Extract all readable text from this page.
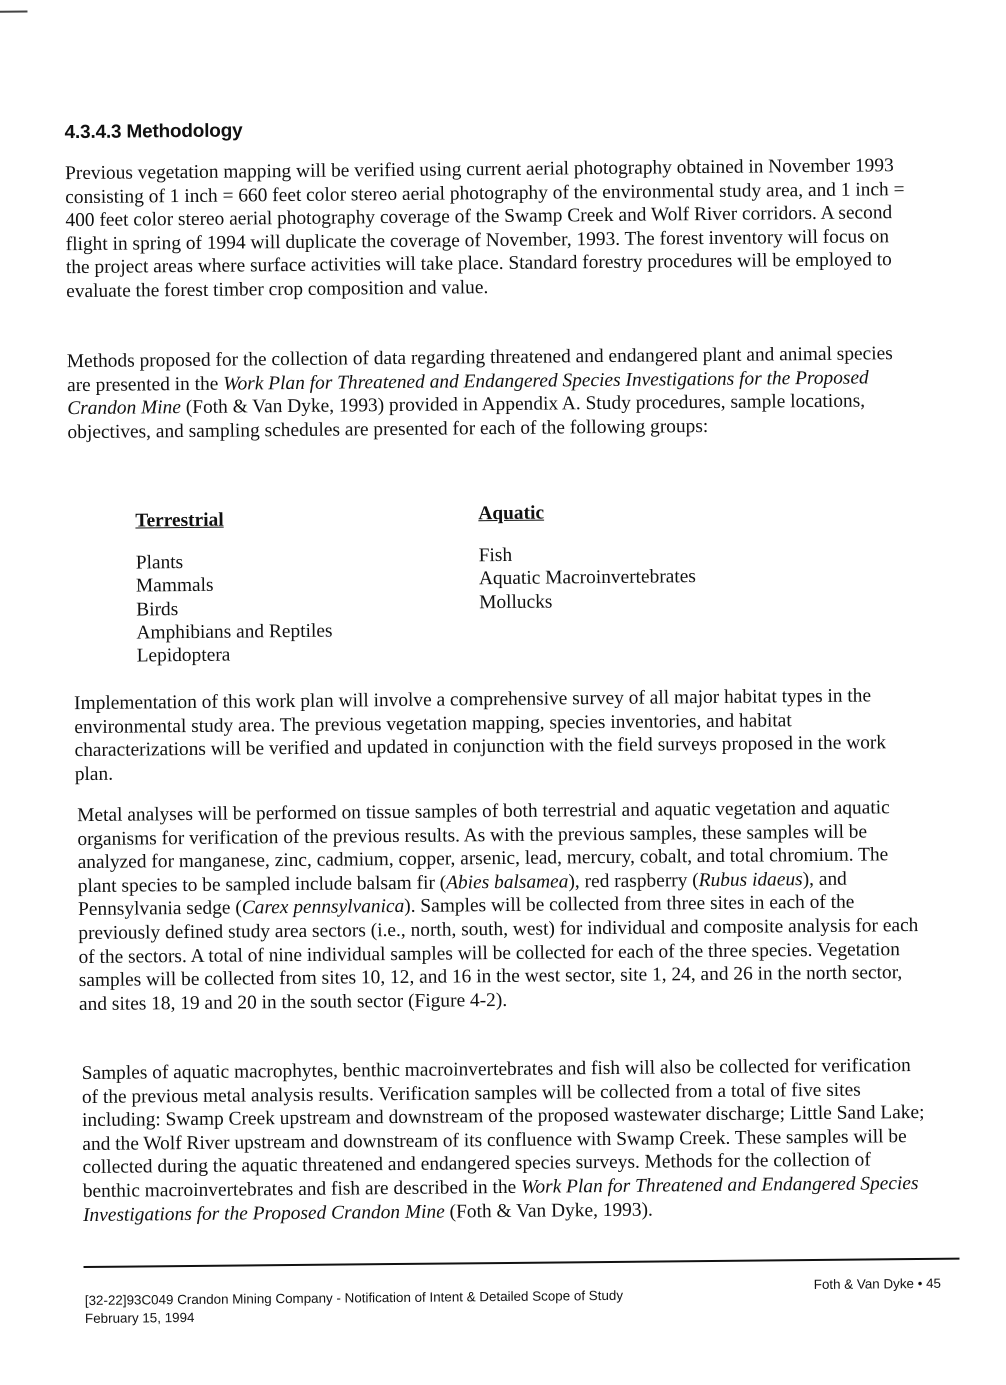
4.3.4.3 Methodology

Previous vegetation mapping will be verified using current aerial photography obtained in November 1993 consisting of 1 inch = 660 feet color stereo aerial photography of the environmental study area, and 1 inch = 400 feet color stereo aerial photography coverage of the Swamp Creek and Wolf River corridors. A second flight in spring of 1994 will duplicate the coverage of November, 1993. The forest inventory will focus on the project areas where surface activities will take place. Standard forestry procedures will be employed to evaluate the forest timber crop composition and value.

Methods proposed for the collection of data regarding threatened and endangered plant and animal species are presented in the Work Plan for Threatened and Endangered Species Investigations for the Proposed Crandon Mine (Foth & Van Dyke, 1993) provided in Appendix A. Study procedures, sample locations, objectives, and sampling schedules are presented for each of the following groups:

Terrestrial
Plants
Mammals
Birds
Amphibians and Reptiles
Lepidoptera
Aquatic
Fish
Aquatic Macroinvertebrates
Mollucks

Implementation of this work plan will involve a comprehensive survey of all major habitat types in the environmental study area. The previous vegetation mapping, species inventories, and habitat characterizations will be verified and updated in conjunction with the field surveys proposed in the work plan.

Metal analyses will be performed on tissue samples of both terrestrial and aquatic vegetation and aquatic organisms for verification of the previous results. As with the previous samples, these samples will be analyzed for manganese, zinc, cadmium, copper, arsenic, lead, mercury, cobalt, and total chromium. The plant species to be sampled include balsam fir (Abies balsamea), red raspberry (Rubus idaeus), and Pennsylvania sedge (Carex pennsylvanica). Samples will be collected from three sites in each of the previously defined study area sectors (i.e., north, south, west) for individual and composite analysis for each of the sectors. A total of nine individual samples will be collected for each of the three species. Vegetation samples will be collected from sites 10, 12, and 16 in the west sector, site 1, 24, and 26 in the north sector, and sites 18, 19 and 20 in the south sector (Figure 4-2).

Samples of aquatic macrophytes, benthic macroinvertebrates and fish will also be collected for verification of the previous metal analysis results. Verification samples will be collected from a total of five sites including: Swamp Creek upstream and downstream of the proposed wastewater discharge; Little Sand Lake; and the Wolf River upstream and downstream of its confluence with Swamp Creek. These samples will be collected during the aquatic threatened and endangered species surveys. Methods for the collection of benthic macroinvertebrates and fish are described in the Work Plan for Threatened and Endangered Species Investigations for the Proposed Crandon Mine (Foth & Van Dyke, 1993).

[32-22]93C049 Crandon Mining Company - Notification of Intent & Detailed Scope of Study
February 15, 1994
Foth & Van Dyke • 45
